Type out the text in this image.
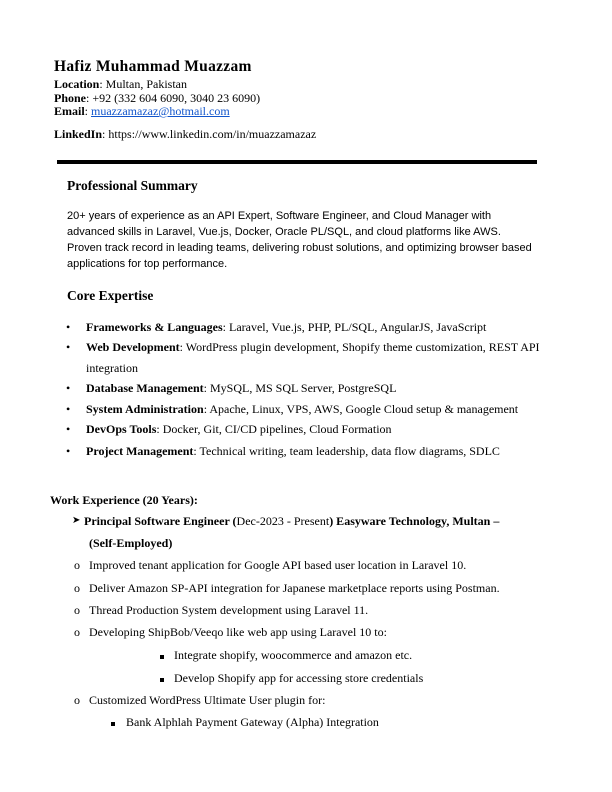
Hafiz Muhammad Muazzam
Location: Multan, Pakistan
Phone: +92 (332 604 6090, 3040 23 6090)
Email: muazzamazaz@hotmail.com
LinkedIn: https://www.linkedin.com/in/muazzamazaz
Professional Summary
20+ years of experience as an API Expert, Software Engineer, and Cloud Manager with advanced skills in Laravel, Vue.js, Docker, Oracle PL/SQL, and cloud platforms like AWS. Proven track record in leading teams, delivering robust solutions, and optimizing browser based applications for top performance.
Core Expertise
• Frameworks & Languages: Laravel, Vue.js, PHP, PL/SQL, AngularJS, JavaScript
• Web Development: WordPress plugin development, Shopify theme customization, REST API
integration
• Database Management: MySQL, MS SQL Server, PostgreSQL
• System Administration: Apache, Linux, VPS, AWS, Google Cloud setup & management
• DevOps Tools: Docker, Git, CI/CD pipelines, Cloud Formation
• Project Management: Technical writing, team leadership, data flow diagrams, SDLC
Work Experience (20 Years):
➤ Principal Software Engineer (Dec-2023 - Present) Easyware Technology, Multan –
(Self-Employed)
o Improved tenant application for Google API based user location in Laravel 10.
o Deliver Amazon SP-API integration for Japanese marketplace reports using Postman.
o Thread Production System development using Laravel 11.
o Developing ShipBob/Veeqo like web app using Laravel 10 to:
Integrate shopify, woocommerce and amazon etc.
Develop Shopify app for accessing store credentials
o Customized WordPress Ultimate User plugin for:
Bank Alphlah Payment Gateway (Alpha) Integration
